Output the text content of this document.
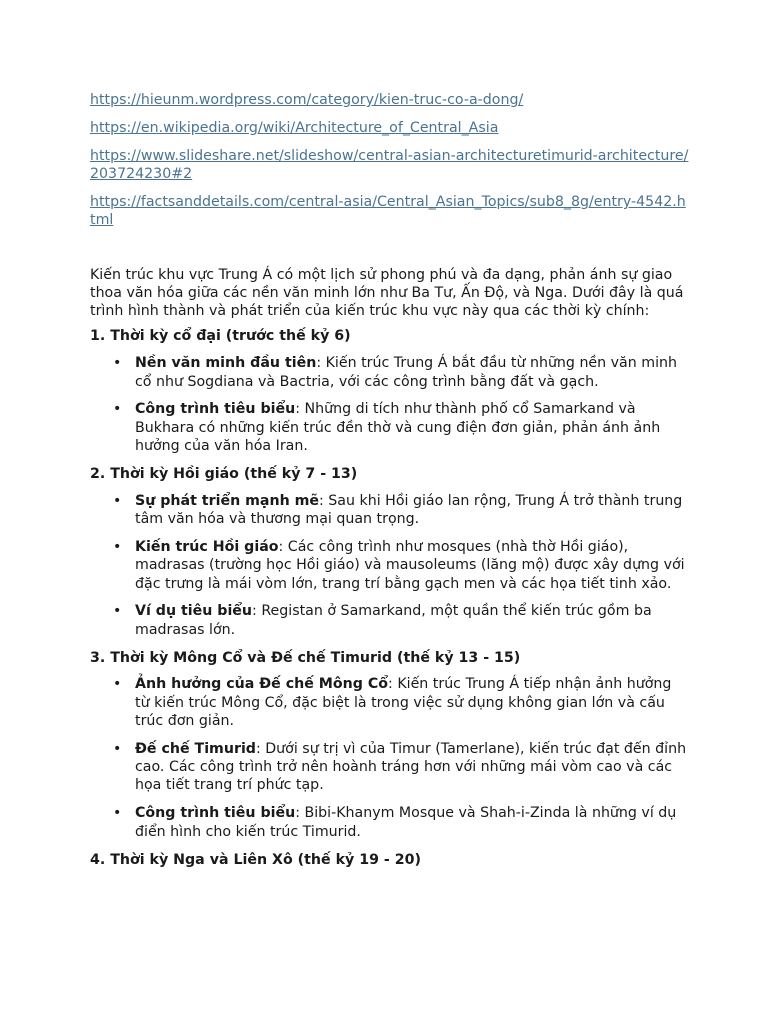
https://hieunm.wordpress.com/category/kien-truc-co-a-dong/
https://en.wikipedia.org/wiki/Architecture_of_Central_Asia
https://www.slideshare.net/slideshow/central-asian-architecturetimurid-architecture/203724230#2
https://factsanddetails.com/central-asia/Central_Asian_Topics/sub8_8g/entry-4542.html

Kiến trúc khu vực Trung Á có một lịch sử phong phú và đa dạng, phản ánh sự giao thoa văn hóa giữa các nền văn minh lớn như Ba Tư, Ấn Độ, và Nga. Dưới đây là quá trình hình thành và phát triển của kiến trúc khu vực này qua các thời kỳ chính:

1. Thời kỳ cổ đại (trước thế kỷ 6)

• Nền văn minh đầu tiên: Kiến trúc Trung Á bắt đầu từ những nền văn minh cổ như Sogdiana và Bactria, với các công trình bằng đất và gạch.
• Công trình tiêu biểu: Những di tích như thành phố cổ Samarkand và Bukhara có những kiến trúc đền thờ và cung điện đơn giản, phản ánh ảnh hưởng của văn hóa Iran.

2. Thời kỳ Hồi giáo (thế kỷ 7 - 13)

• Sự phát triển mạnh mẽ: Sau khi Hồi giáo lan rộng, Trung Á trở thành trung tâm văn hóa và thương mại quan trọng.
• Kiến trúc Hồi giáo: Các công trình như mosques (nhà thờ Hồi giáo), madrasas (trường học Hồi giáo) và mausoleums (lăng mộ) được xây dựng với đặc trưng là mái vòm lớn, trang trí bằng gạch men và các họa tiết tinh xảo.
• Ví dụ tiêu biểu: Registan ở Samarkand, một quần thể kiến trúc gồm ba madrasas lớn.

3. Thời kỳ Mông Cổ và Đế chế Timurid (thế kỷ 13 - 15)

• Ảnh hưởng của Đế chế Mông Cổ: Kiến trúc Trung Á tiếp nhận ảnh hưởng từ kiến trúc Mông Cổ, đặc biệt là trong việc sử dụng không gian lớn và cấu trúc đơn giản.
• Đế chế Timurid: Dưới sự trị vì của Timur (Tamerlane), kiến trúc đạt đến đỉnh cao. Các công trình trở nên hoành tráng hơn với những mái vòm cao và các họa tiết trang trí phức tạp.
• Công trình tiêu biểu: Bibi-Khanym Mosque và Shah-i-Zinda là những ví dụ điển hình cho kiến trúc Timurid.

4. Thời kỳ Nga và Liên Xô (thế kỷ 19 - 20)
